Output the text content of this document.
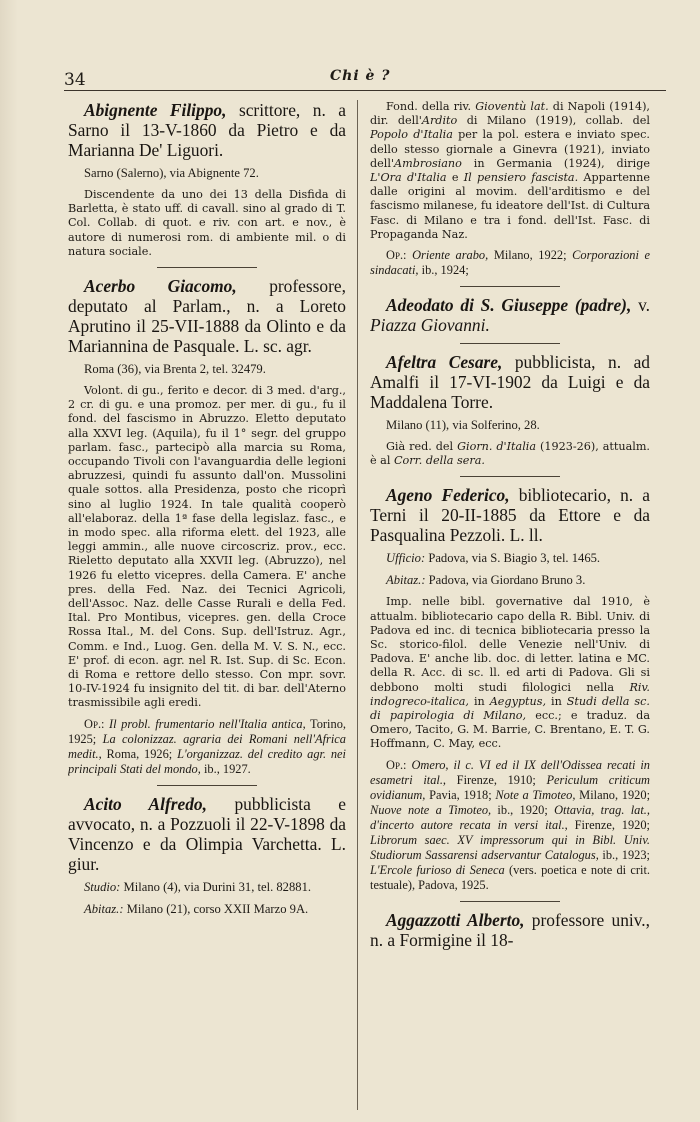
34	Chi è ?

Abignente Filippo, scrittore, n. a Sarno il 13-V-1860 da Pietro e da Marianna De' Liguori.

Sarno (Salerno), via Abignente 72.

Discendente da uno dei 13 della Disfida di Barletta, è stato uff. di cavall. sino al grado di T. Col. Collab. di quot. e riv. con art. e nov., è autore di numerosi rom. di ambiente mil. o di natura sociale.

Acerbo Giacomo, professore, deputato al Parlam., n. a Loreto Aprutino il 25-VII-1888 da Olinto e da Mariannina de Pasquale. L. sc. agr.

Roma (36), via Brenta 2, tel. 32479.

Volont. di gu., ferito e decor. di 3 med. d'arg., 2 cr. di gu. e una promoz. per mer. di gu., fu il fond. del fascismo in Abruzzo. Eletto deputato alla XXVI leg. (Aquila), fu il 1° segr. del gruppo parlam. fasc., partecipò alla marcia su Roma, occupando Tivoli con l'avanguardia delle legioni abruzzesi, quindi fu assunto dall'on. Mussolini quale sottos. alla Presidenza, posto che ricoprì sino al luglio 1924. In tale qualità cooperò all'elaboraz. della 1ª fase della legislaz. fasc., e in modo spec. alla riforma elett. del 1923, alle leggi ammin., alle nuove circoscriz. prov., ecc. Rieletto deputato alla XXVII leg. (Abruzzo), nel 1926 fu eletto vicepres. della Camera. E' anche pres. della Fed. Naz. dei Tecnici Agricoli, dell'Assoc. Naz. delle Casse Rurali e della Fed. Ital. Pro Montibus, vicepres. gen. della Croce Rossa Ital., M. del Cons. Sup. dell'Istruz. Agr., Comm. e Ind., Luog. Gen. della M. V. S. N., ecc. E' prof. di econ. agr. nel R. Ist. Sup. di Sc. Econ. di Roma e rettore dello stesso. Con mpr. sovr. 10-IV-1924 fu insignito del tit. di bar. dell'Aterno trasmissibile agli eredi.

Op.: Il probl. frumentario nell'Italia antica, Torino, 1925; La colonizzaz. agraria dei Romani nell'Africa medit., Roma, 1926; L'organizzaz. del credito agr. nei principali Stati del mondo, ib., 1927.

Acito Alfredo, pubblicista e avvocato, n. a Pozzuoli il 22-V-1898 da Vincenzo e da Olimpia Varchetta. L. giur.

Studio: Milano (4), via Durini 31, tel. 82881.

Abitaz.: Milano (21), corso XXII Marzo 9A.

Fond. della riv. Gioventù lat. di Napoli (1914), dir. dell'Ardito di Milano (1919), collab. del Popolo d'Italia per la pol. estera e inviato spec. dello stesso giornale a Ginevra (1921), inviato dell'Ambrosiano in Germania (1924), dirige L'Ora d'Italia e Il pensiero fascista. Appartenne dalle origini al movim. dell'arditismo e del fascismo milanese, fu ideatore dell'Ist. di Cultura Fasc. di Milano e tra i fond. dell'Ist. Fasc. di Propaganda Naz.

Op.: Oriente arabo, Milano, 1922; Corporazioni e sindacati, ib., 1924;

Adeodato di S. Giuseppe (padre), v. Piazza Giovanni.

Afeltra Cesare, pubblicista, n. ad Amalfi il 17-VI-1902 da Luigi e da Maddalena Torre.

Milano (11), via Solferino, 28.

Già red. del Giorn. d'Italia (1923-26), attualm. è al Corr. della sera.

Ageno Federico, bibliotecario, n. a Terni il 20-II-1885 da Ettore e da Pasqualina Pezzoli. L. ll.

Ufficio: Padova, via S. Biagio 3, tel. 1465.

Abitaz.: Padova, via Giordano Bruno 3.

Imp. nelle bibl. governative dal 1910, è attualm. bibliotecario capo della R. Bibl. Univ. di Padova ed inc. di tecnica bibliotecaria presso la Sc. storico-filol. delle Venezie nell'Univ. di Padova. E' anche lib. doc. di letter. latina e MC. della R. Acc. di sc. ll. ed arti di Padova. Gli si debbono molti studi filologici nella Riv. indogreco-italica, in Aegyptus, in Studi della sc. di papirologia di Milano, ecc.; e traduz. da Omero, Tacito, G. M. Barrie, C. Brentano, E. T. G. Hoffmann, C. May, ecc.

Op.: Omero, il c. VI ed il IX dell'Odissea recati in esametri ital., Firenze, 1910; Periculum criticum ovidianum, Pavia, 1918; Note a Timoteo, Milano, 1920; Nuove note a Timoteo, ib., 1920; Ottavia, trag. lat., d'incerto autore recata in versi ital., Firenze, 1920; Librorum saec. XV impressorum qui in Bibl. Univ. Studiorum Sassarensi adservantur Catalogus, ib., 1923; L'Ercole furioso di Seneca (vers. poetica e note di crit. testuale), Padova, 1925.

Aggazzotti Alberto, professore univ., n. a Formigine il 18-
